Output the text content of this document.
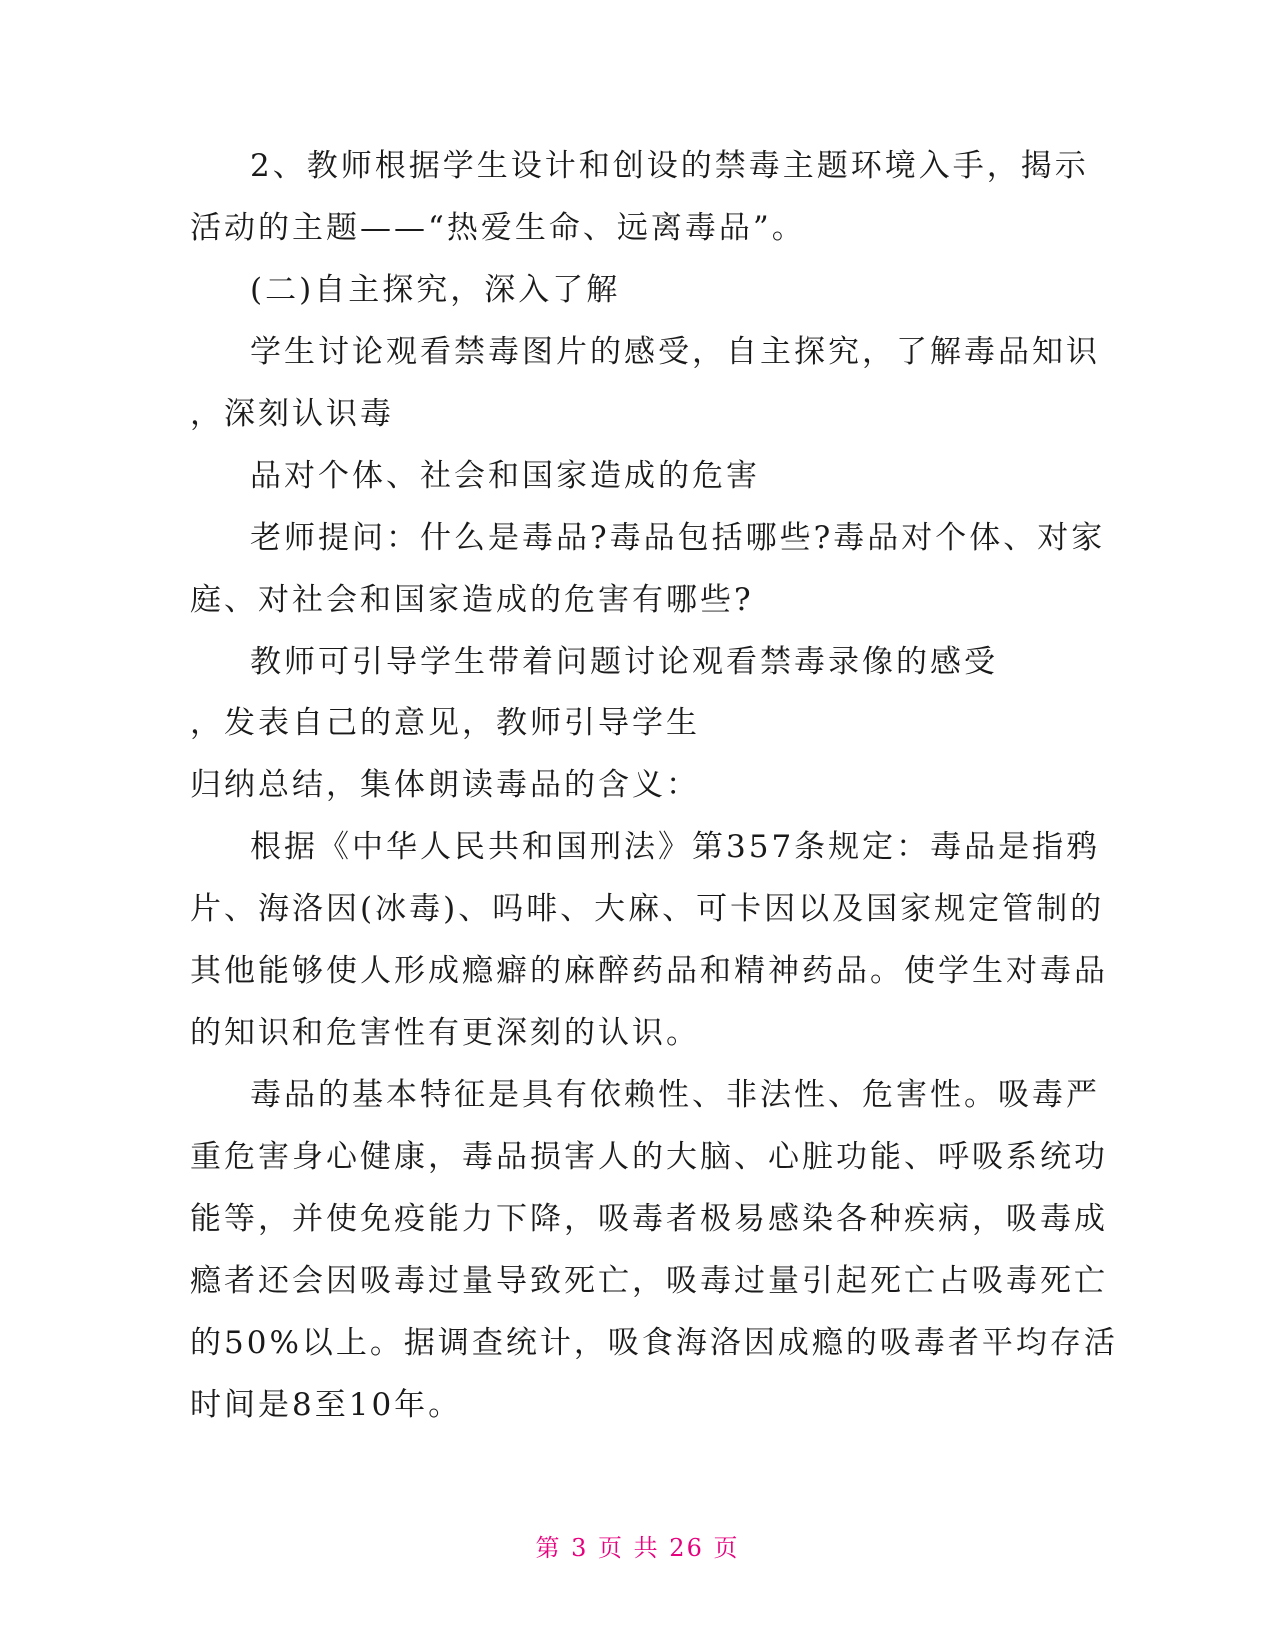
2、教师根据学生设计和创设的禁毒主题环境入手，揭示
活动的主题——“热爱生命、远离毒品”。
(二)自主探究，深入了解
学生讨论观看禁毒图片的感受，自主探究，了解毒品知识
，深刻认识毒
品对个体、社会和国家造成的危害
老师提问：什么是毒品?毒品包括哪些?毒品对个体、对家
庭、对社会和国家造成的危害有哪些?
教师可引导学生带着问题讨论观看禁毒录像的感受
，发表自己的意见，教师引导学生
归纳总结，集体朗读毒品的含义：
根据《中华人民共和国刑法》第357条规定：毒品是指鸦
片、海洛因(冰毒)、吗啡、大麻、可卡因以及国家规定管制的
其他能够使人形成瘾癖的麻醉药品和精神药品。使学生对毒品
的知识和危害性有更深刻的认识。
毒品的基本特征是具有依赖性、非法性、危害性。吸毒严
重危害身心健康，毒品损害人的大脑、心脏功能、呼吸系统功
能等，并使免疫能力下降，吸毒者极易感染各种疾病，吸毒成
瘾者还会因吸毒过量导致死亡，吸毒过量引起死亡占吸毒死亡
的50%以上。据调查统计，吸食海洛因成瘾的吸毒者平均存活
时间是8至10年。
第 3 页 共 26 页
